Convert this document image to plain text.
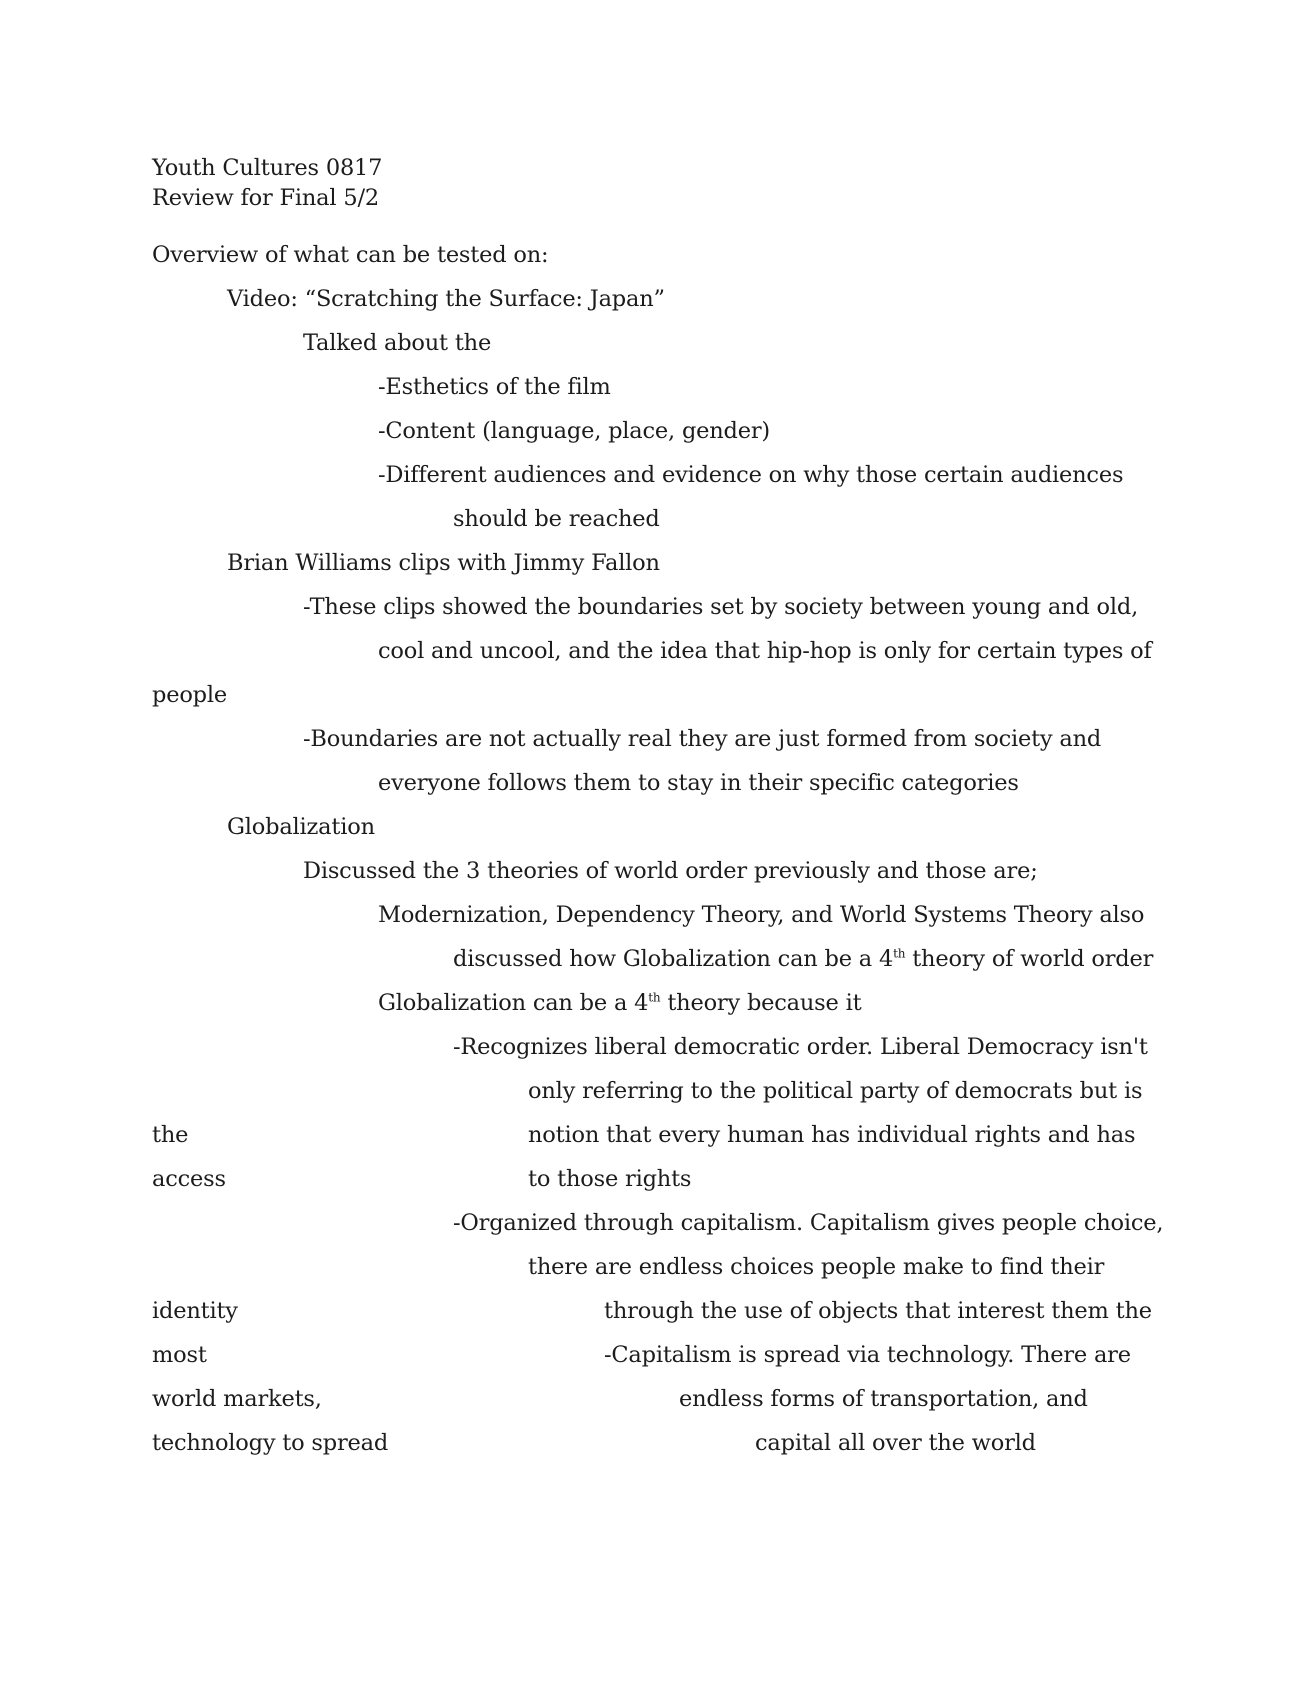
Youth Cultures 0817
Review for Final 5/2
Overview of what can be tested on:
Video: “Scratching the Surface: Japan”
Talked about the
-Esthetics of the film
-Content (language, place, gender)
-Different audiences and evidence on why those certain audiences
should be reached
Brian Williams clips with Jimmy Fallon
-These clips showed the boundaries set by society between young and old,
cool and uncool, and the idea that hip-hop is only for certain types of
people
-Boundaries are not actually real they are just formed from society and
everyone follows them to stay in their specific categories
Globalization
Discussed the 3 theories of world order previously and those are;
Modernization, Dependency Theory, and World Systems Theory also
discussed how Globalization can be a 4th theory of world order
Globalization can be a 4th theory because it
-Recognizes liberal democratic order. Liberal Democracy isn't
only referring to the political party of democrats but is
the	notion that every human has individual rights and has
access	to those rights
-Organized through capitalism. Capitalism gives people choice,
there are endless choices people make to find their
identity	through the use of objects that interest them the
most	-Capitalism is spread via technology. There are
world markets,	endless forms of transportation, and
technology to spread	capital all over the world
